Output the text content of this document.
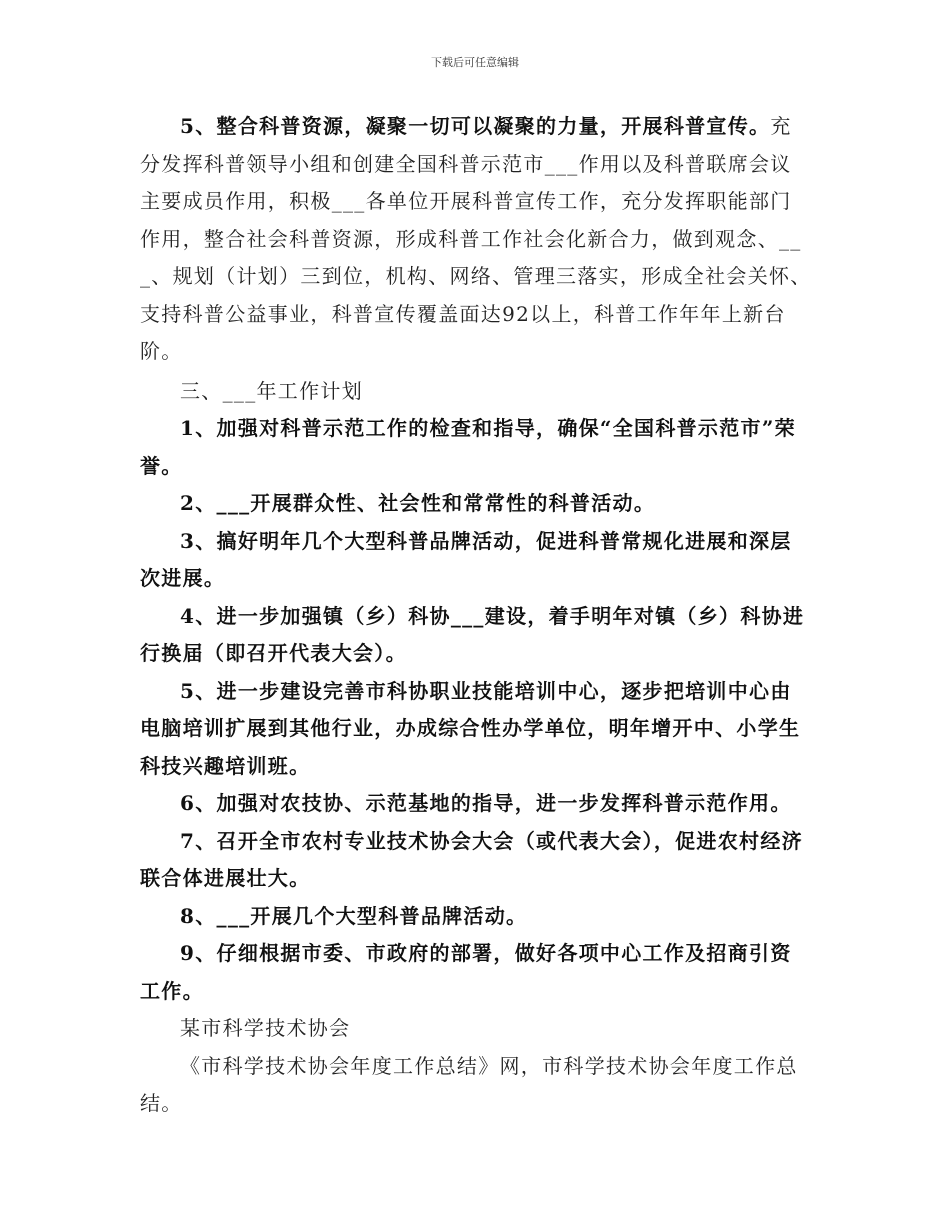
下载后可任意编辑

5、整合科普资源，凝聚一切可以凝聚的力量，开展科普宣传。充分发挥科普领导小组和创建全国科普示范市___作用以及科普联席会议主要成员作用，积极___各单位开展科普宣传工作，充分发挥职能部门作用，整合社会科普资源，形成科普工作社会化新合力，做到观念、___、规划（计划）三到位，机构、网络、管理三落实，形成全社会关怀、支持科普公益事业，科普宣传覆盖面达92以上，科普工作年年上新台阶。

三、___年工作计划

1、加强对科普示范工作的检查和指导，确保“全国科普示范市”荣誉。

2、___开展群众性、社会性和常常性的科普活动。

3、搞好明年几个大型科普品牌活动，促进科普常规化进展和深层次进展。

4、进一步加强镇（乡）科协___建设，着手明年对镇（乡）科协进行换届（即召开代表大会）。

5、进一步建设完善市科协职业技能培训中心，逐步把培训中心由电脑培训扩展到其他行业，办成综合性办学单位，明年增开中、小学生科技兴趣培训班。

6、加强对农技协、示范基地的指导，进一步发挥科普示范作用。

7、召开全市农村专业技术协会大会（或代表大会），促进农村经济联合体进展壮大。

8、___开展几个大型科普品牌活动。

9、仔细根据市委、市政府的部署，做好各项中心工作及招商引资工作。

某市科学技术协会

《市科学技术协会年度工作总结》网，市科学技术协会年度工作总结。
